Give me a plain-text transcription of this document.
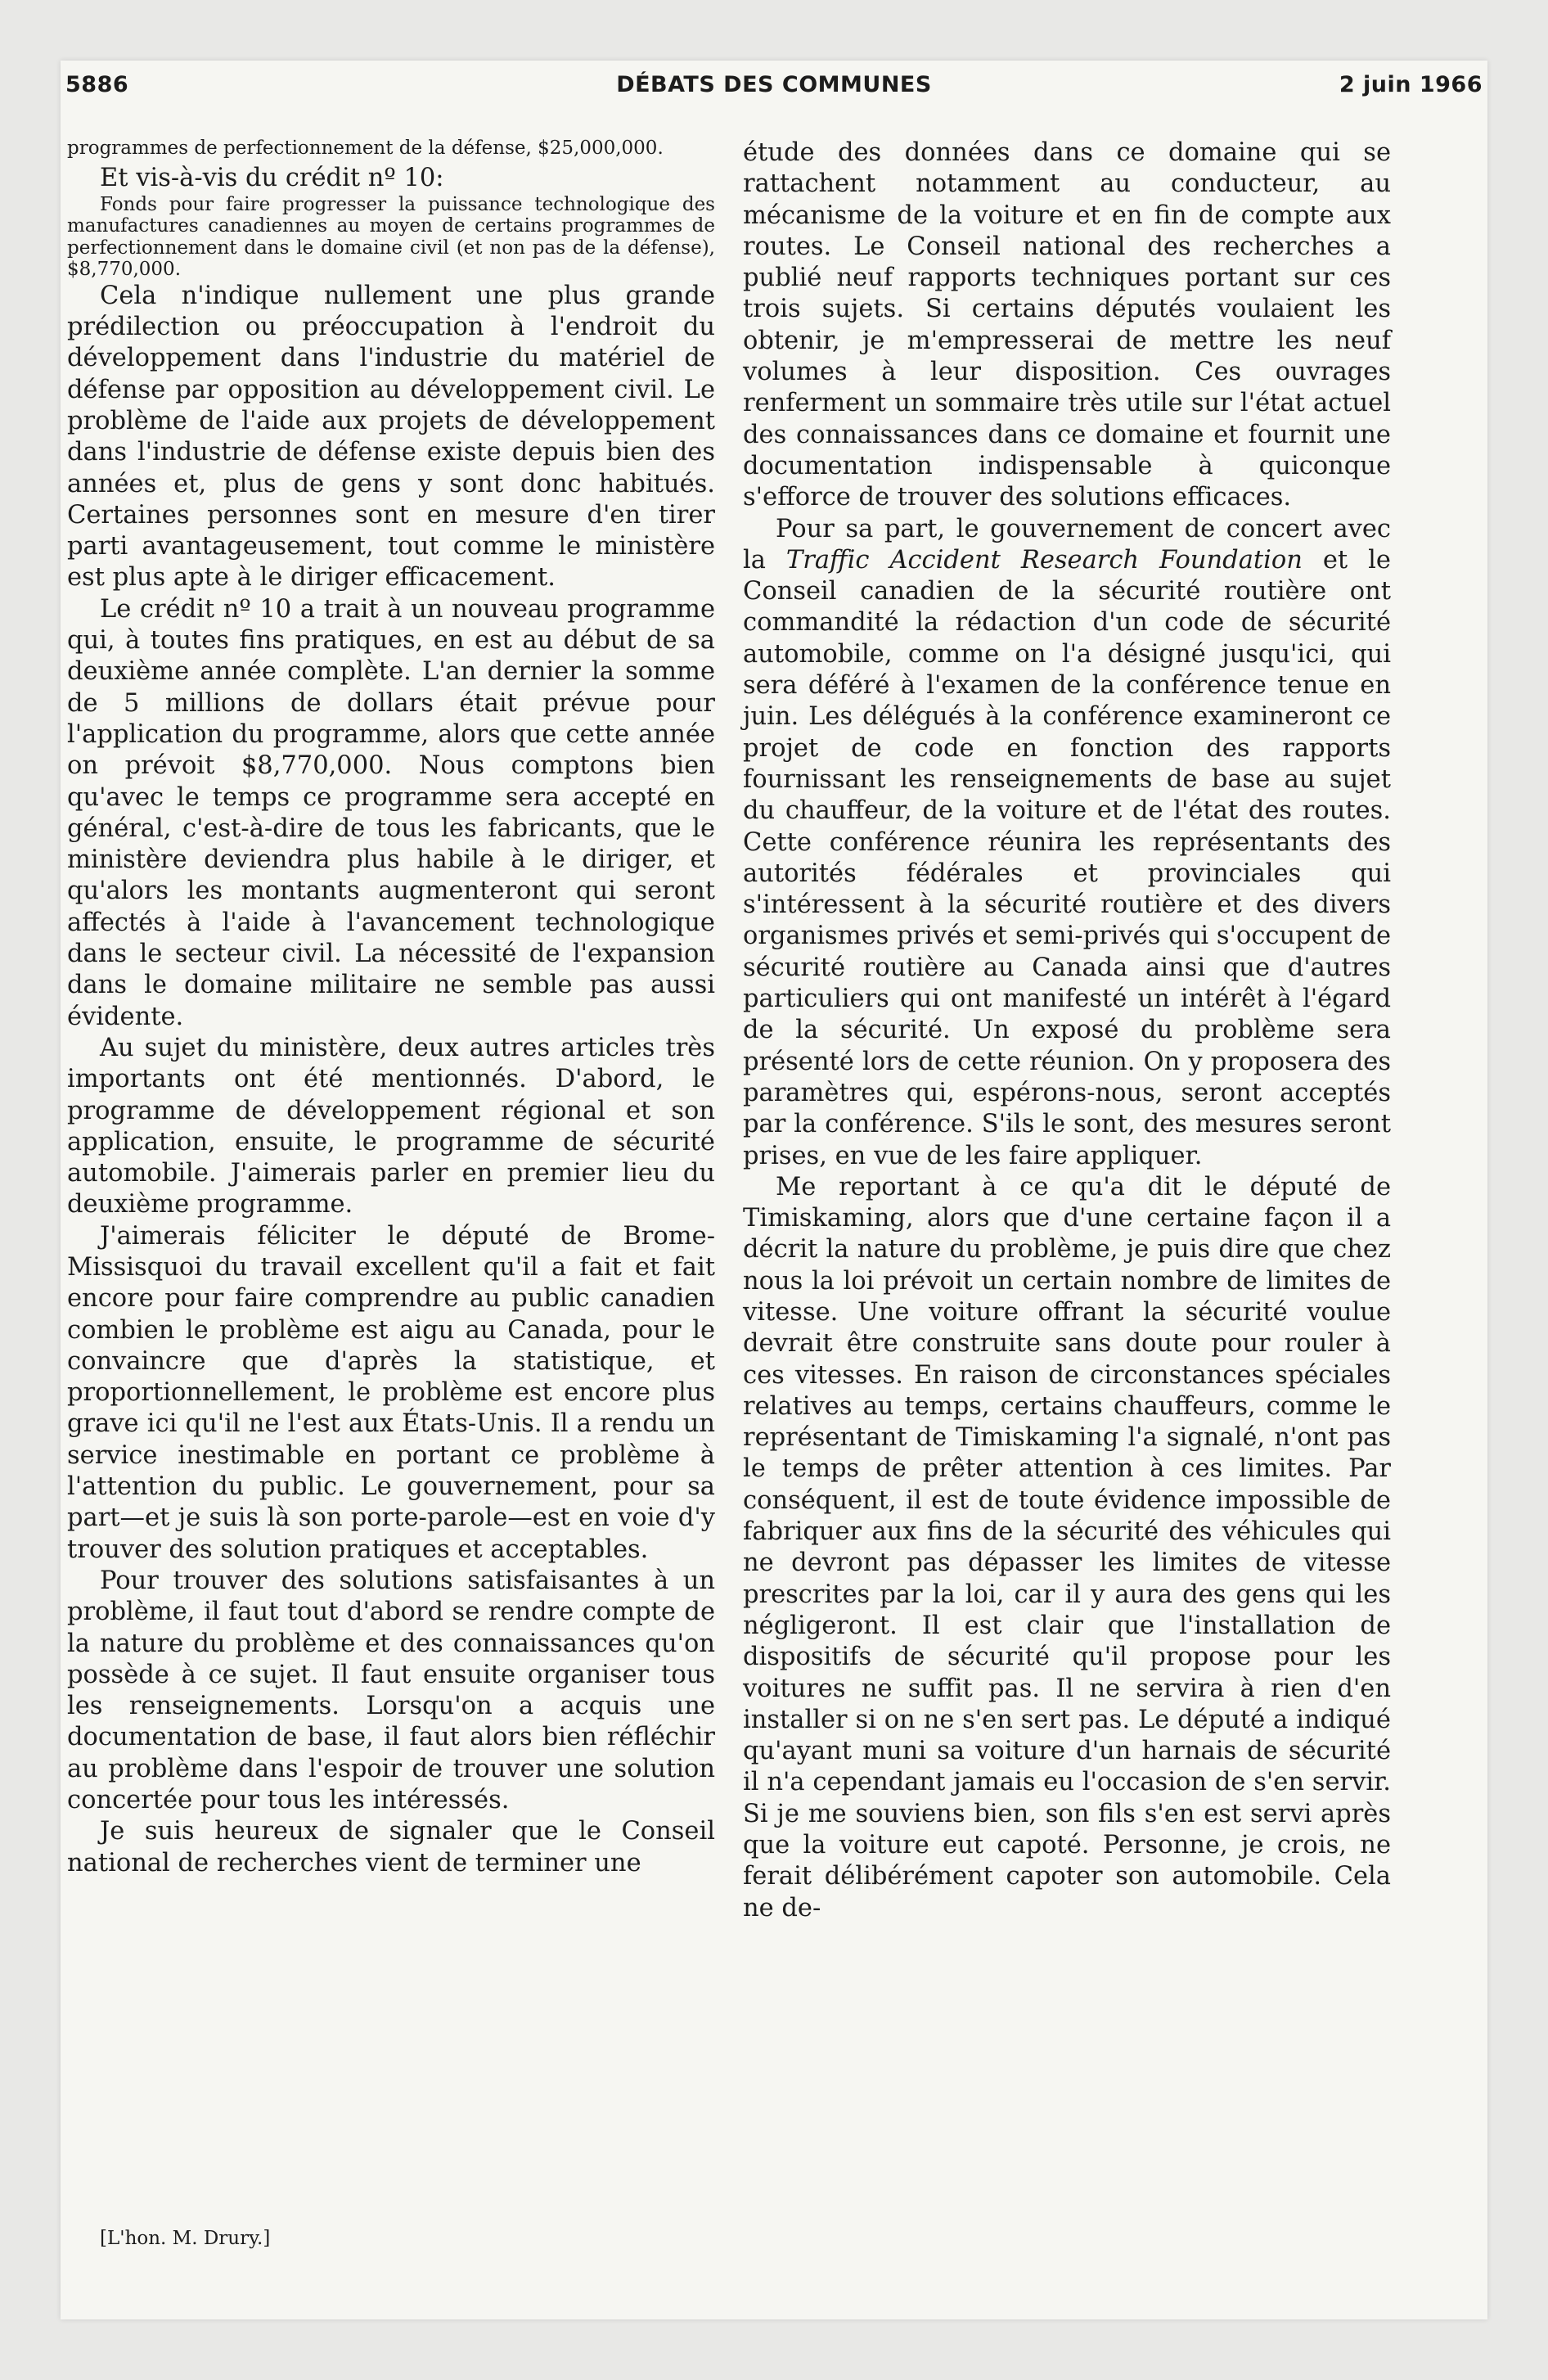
5886	DÉBATS DES COMMUNES	2 juin 1966

programmes de perfectionnement de la défense, $25,000,000.

Et vis-à-vis du crédit nº 10:

Fonds pour faire progresser la puissance technologique des manufactures canadiennes au moyen de certains programmes de perfectionnement dans le domaine civil (et non pas de la défense), $8,770,000.

Cela n'indique nullement une plus grande prédilection ou préoccupation à l'endroit du développement dans l'industrie du matériel de défense par opposition au développement civil. Le problème de l'aide aux projets de développement dans l'industrie de défense existe depuis bien des années et, plus de gens y sont donc habitués. Certaines personnes sont en mesure d'en tirer parti avantageusement, tout comme le ministère est plus apte à le diriger efficacement.

Le crédit nº 10 a trait à un nouveau programme qui, à toutes fins pratiques, en est au début de sa deuxième année complète. L'an dernier la somme de 5 millions de dollars était prévue pour l'application du programme, alors que cette année on prévoit $8,770,000. Nous comptons bien qu'avec le temps ce programme sera accepté en général, c'est-à-dire de tous les fabricants, que le ministère deviendra plus habile à le diriger, et qu'alors les montants augmenteront qui seront affectés à l'aide à l'avancement technologique dans le secteur civil. La nécessité de l'expansion dans le domaine militaire ne semble pas aussi évidente.

Au sujet du ministère, deux autres articles très importants ont été mentionnés. D'abord, le programme de développement régional et son application, ensuite, le programme de sécurité automobile. J'aimerais parler en premier lieu du deuxième programme.

J'aimerais féliciter le député de Brome-Missisquoi du travail excellent qu'il a fait et fait encore pour faire comprendre au public canadien combien le problème est aigu au Canada, pour le convaincre que d'après la statistique, et proportionnellement, le problème est encore plus grave ici qu'il ne l'est aux États-Unis. Il a rendu un service inestimable en portant ce problème à l'attention du public. Le gouvernement, pour sa part—et je suis là son porte-parole—est en voie d'y trouver des solution pratiques et acceptables.

Pour trouver des solutions satisfaisantes à un problème, il faut tout d'abord se rendre compte de la nature du problème et des connaissances qu'on possède à ce sujet. Il faut ensuite organiser tous les renseignements. Lorsqu'on a acquis une documentation de base, il faut alors bien réfléchir au problème dans l'espoir de trouver une solution concertée pour tous les intéressés.

Je suis heureux de signaler que le Conseil national de recherches vient de terminer une

[L'hon. M. Drury.]

étude des données dans ce domaine qui se rattachent notamment au conducteur, au mécanisme de la voiture et en fin de compte aux routes. Le Conseil national des recherches a publié neuf rapports techniques portant sur ces trois sujets. Si certains députés voulaient les obtenir, je m'empresserai de mettre les neuf volumes à leur disposition. Ces ouvrages renferment un sommaire très utile sur l'état actuel des connaissances dans ce domaine et fournit une documentation indispensable à quiconque s'efforce de trouver des solutions efficaces.

Pour sa part, le gouvernement de concert avec la Traffic Accident Research Foundation et le Conseil canadien de la sécurité routière ont commandité la rédaction d'un code de sécurité automobile, comme on l'a désigné jusqu'ici, qui sera déféré à l'examen de la conférence tenue en juin. Les délégués à la conférence examineront ce projet de code en fonction des rapports fournissant les renseignements de base au sujet du chauffeur, de la voiture et de l'état des routes. Cette conférence réunira les représentants des autorités fédérales et provinciales qui s'intéressent à la sécurité routière et des divers organismes privés et semi-privés qui s'occupent de sécurité routière au Canada ainsi que d'autres particuliers qui ont manifesté un intérêt à l'égard de la sécurité. Un exposé du problème sera présenté lors de cette réunion. On y proposera des paramètres qui, espérons-nous, seront acceptés par la conférence. S'ils le sont, des mesures seront prises, en vue de les faire appliquer.

Me reportant à ce qu'a dit le député de Timiskaming, alors que d'une certaine façon il a décrit la nature du problème, je puis dire que chez nous la loi prévoit un certain nombre de limites de vitesse. Une voiture offrant la sécurité voulue devrait être construite sans doute pour rouler à ces vitesses. En raison de circonstances spéciales relatives au temps, certains chauffeurs, comme le représentant de Timiskaming l'a signalé, n'ont pas le temps de prêter attention à ces limites. Par conséquent, il est de toute évidence impossible de fabriquer aux fins de la sécurité des véhicules qui ne devront pas dépasser les limites de vitesse prescrites par la loi, car il y aura des gens qui les négligeront. Il est clair que l'installation de dispositifs de sécurité qu'il propose pour les voitures ne suffit pas. Il ne servira à rien d'en installer si on ne s'en sert pas. Le député a indiqué qu'ayant muni sa voiture d'un harnais de sécurité il n'a cependant jamais eu l'occasion de s'en servir. Si je me souviens bien, son fils s'en est servi après que la voiture eut capoté. Personne, je crois, ne ferait délibérément capoter son automobile. Cela ne de-
